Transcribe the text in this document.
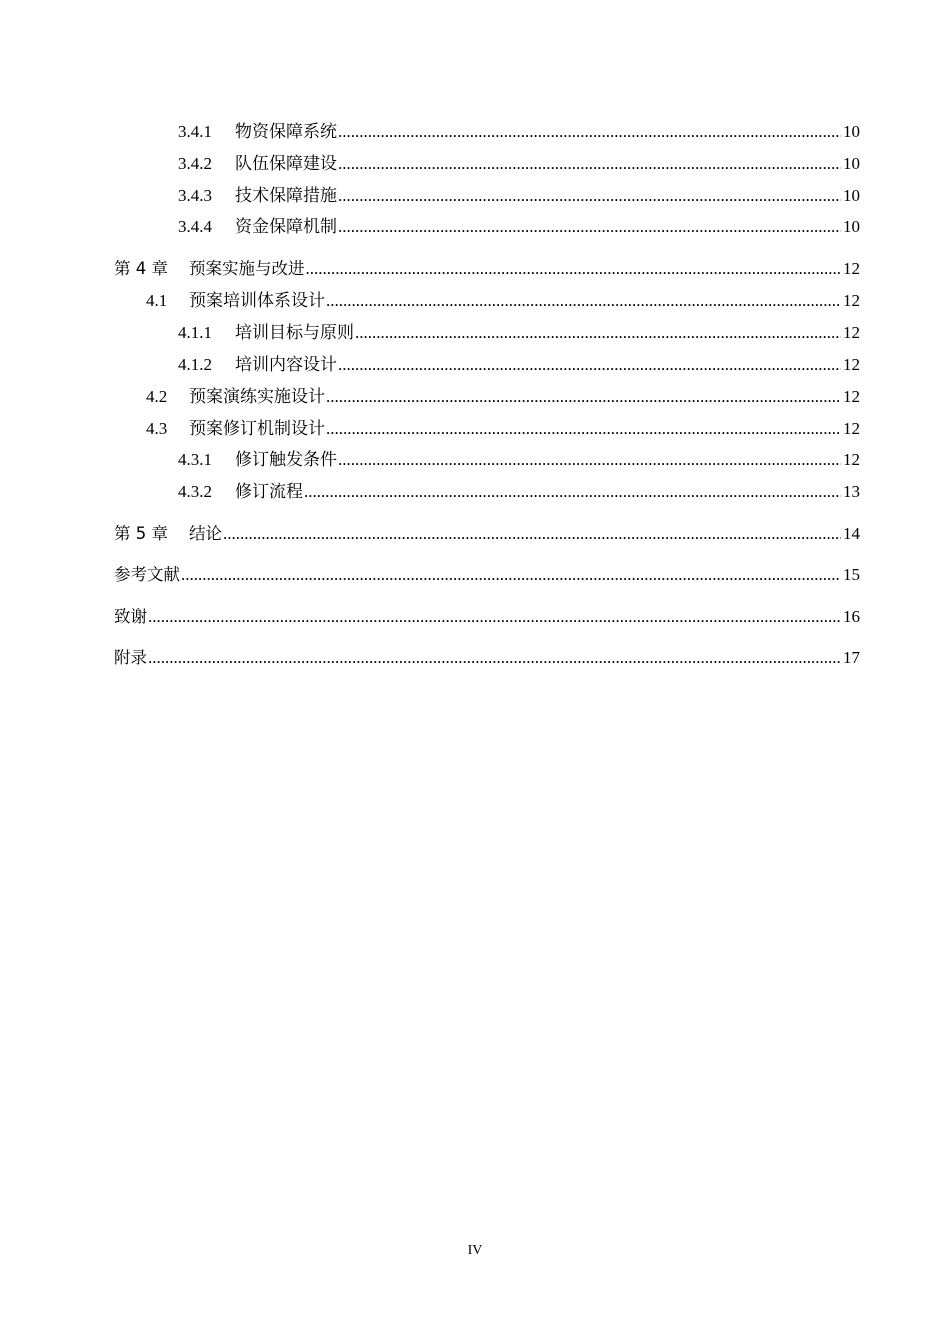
3.4.1	物资保障系统 .....	10
3.4.2	队伍保障建设 .....	10
3.4.3	技术保障措施 .....	10
3.4.4	资金保障机制 .....	10
第 4 章	预案实施与改进 .....	12
4.1	预案培训体系设计 .....	12
4.1.1	培训目标与原则 .....	12
4.1.2	培训内容设计 .....	12
4.2	预案演练实施设计 .....	12
4.3	预案修订机制设计 .....	12
4.3.1	修订触发条件 .....	12
4.3.2	修订流程 .....	13
第 5 章	结论 .....	14
参考文献 .....	15
致谢 .....	16
附录 .....	17
IV
